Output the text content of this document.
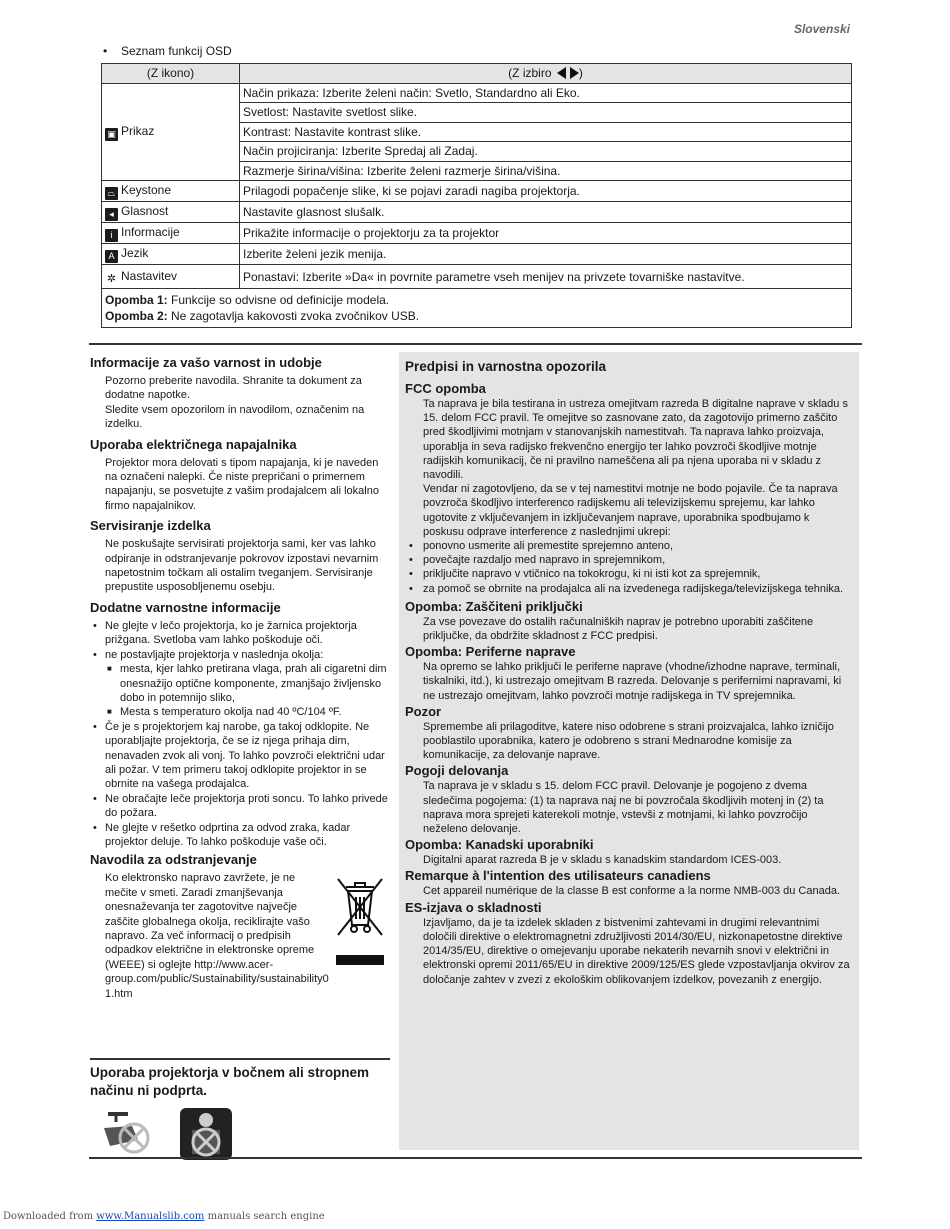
Slovenski
• Seznam funkcij OSD
(Z ikono)	(Z izbiro )
▣ Prikaz	Način prikaza: Izberite želeni način: Svetlo, Standardno ali Eko.
	Svetlost: Nastavite svetlost slike.
	Kontrast: Nastavite kontrast slike.
	Način projiciranja: Izberite Spredaj ali Zadaj.
	Razmerje širina/višina: Izberite želeni razmerje širina/višina.
⏢ Keystone	Prilagodi popačenje slike, ki se pojavi zaradi nagiba projektorja.
◂ Glasnost	Nastavite glasnost slušalk.
i Informacije	Prikažite informacije o projektorju za ta projektor
A Jezik	Izberite želeni jezik menija.
✲ Nastavitev	Ponastavi: Izberite »Da« in povrnite parametre vseh menijev na privzete tovarniške nastavitve.

Opomba 1: Funkcije so odvisne od definicije modela.
Opomba 2: Ne zagotavlja kakovosti zvoka zvočnikov USB.	
Informacije za vašo varnost in udobje

Pozorno preberite navodila. Shranite ta dokument za dodatne napotke.

Sledite vsem opozorilom in navodilom, označenim na izdelku.

Uporaba električnega napajalnika

Projektor mora delovati s tipom napajanja, ki je naveden na označeni nalepki. Če niste prepričani o primernem napajanju, se posvetujte z vašim prodajalcem ali lokalno firmo napajalnikov.

Servisiranje izdelka

Ne poskušajte servisirati projektorja sami, ker vas lahko odpiranje in odstranjevanje pokrovov izpostavi nevarnim napetostnim točkam ali ostalim tveganjem. Servisiranje prepustite usposobljenemu osebju.

Dodatne varnostne informacije
• Ne glejte v lečo projektorja, ko je žarnica projektorja prižgana. Svetloba vam lahko poškoduje oči.
• ne postavljajte projektorja v naslednja okolja:
■ mesta, kjer lahko pretirana vlaga, prah ali cigaretni dim onesnažijo optične komponente, zmanjšajo življensko dobo in potemnijo sliko,
■ Mesta s temperaturo okolja nad 40 ºC/104 ºF.
• Če je s projektorjem kaj narobe, ga takoj odklopite. Ne uporabljajte projektorja, če se iz njega prihaja dim, nenavaden zvok ali vonj. To lahko povzroči električni udar ali požar. V tem primeru takoj odklopite projektor in se obrnite na vašega prodajalca.
• Ne obračajte leče projektorja proti soncu. To lahko privede do požara.
• Ne glejte v rešetko odprtina za odvod zraka, kadar projektor deluje. To lahko poškoduje vaše oči.
Navodila za odstranjevanje

Ko elektronsko napravo zavržete, je ne mečite v smeti. Zaradi zmanjševanja onesnaževanja ter zagotovitve največje zaščite globalnega okolja, reciklirajte vašo napravo. Za več informacij o predpisih odpadkov električne in elektronske opreme (WEEE) si oglejte http://www.acer-group.com/public/Sustainability/sustainability01.htm

Uporaba projektorja v bočnem ali stropnem načinu ni podprta.
Predpisi in varnostna opozorila
FCC opomba

Ta naprava je bila testirana in ustreza omejitvam razreda B digitalne naprave v skladu s 15. delom FCC pravil. Te omejitve so zasnovane zato, da zagotovijo primerno zaščito pred škodljivimi motnjam v stanovanjskih namestitvah. Ta naprava lahko proizvaja, uporablja in seva radijsko frekvenčno energijo ter lahko povzroči škodljive motnje radijskih komunikacij, če ni pravilno nameščena ali pa njena uporaba ni v skladu z navodili.

Vendar ni zagotovljeno, da se v tej namestitvi motnje ne bodo pojavile. Če ta naprava povzroča škodljivo interferenco radijskemu ali televizijskemu sprejemu, kar lahko ugotovite z vključevanjem in izključevanjem naprave, uporabnika spodbujamo k poskusu odprave interference z naslednjimi ukrepi:

• ponovno usmerite ali premestite sprejemno anteno,
• povečajte razdaljo med napravo in sprejemnikom,
• priključite napravo v vtičnico na tokokrogu, ki ni isti kot za sprejemnik,
• za pomoč se obrnite na prodajalca ali na izvedenega radijskega/televizijskega tehnika.
Opomba: Zaščiteni priključki

Za vse povezave do ostalih računalniških naprav je potrebno uporabiti zaščitene priključke, da obdržite skladnost z FCC predpisi.

Opomba: Periferne naprave

Na opremo se lahko priključi le periferne naprave (vhodne/izhodne naprave, terminali, tiskalniki, itd.), ki ustrezajo omejitvam B razreda. Delovanje s perifernimi napravami, ki ne ustrezajo omejitvam, lahko povzroči motnje radijskega in TV sprejemnika.

Pozor

Spremembe ali prilagoditve, katere niso odobrene s strani proizvajalca, lahko izničijo pooblastilo uporabnika, katero je odobreno s strani Mednarodne komisije za komunikacije, za delovanje naprave.

Pogoji delovanja

Ta naprava je v skladu s 15. delom FCC pravil. Delovanje je pogojeno z dvema sledečima pogojema: (1) ta naprava naj ne bi povzročala škodljivih motenj in (2) ta naprava mora sprejeti katerekoli motnje, vstevši z motnjami, ki lahko povzročijo neželeno delovanje.

Opomba: Kanadski uporabniki

Digitalni aparat razreda B je v skladu s kanadskim standardom ICES-003.

Remarque à l'intention des utilisateurs canadiens

Cet appareil numérique de la classe B est conforme a la norme NMB-003 du Canada.

ES-izjava o skladnosti

Izjavljamo, da je ta izdelek skladen z bistvenimi zahtevami in drugimi relevantnimi določili direktive o elektromagnetni združljivosti 2014/30/EU, nizkonapetostne direktive 2014/35/EU, direktive o omejevanju uporabe nekaterih nevarnih snovi v električni in elektronski opremi 2011/65/EU in direktive 2009/125/ES glede vzpostavljanja okvirov za določanje zahtev v zvezi z ekološkim oblikovanjem izdelkov, povezanih z energijo.

Downloaded from www.Manualslib.com manuals search engine
